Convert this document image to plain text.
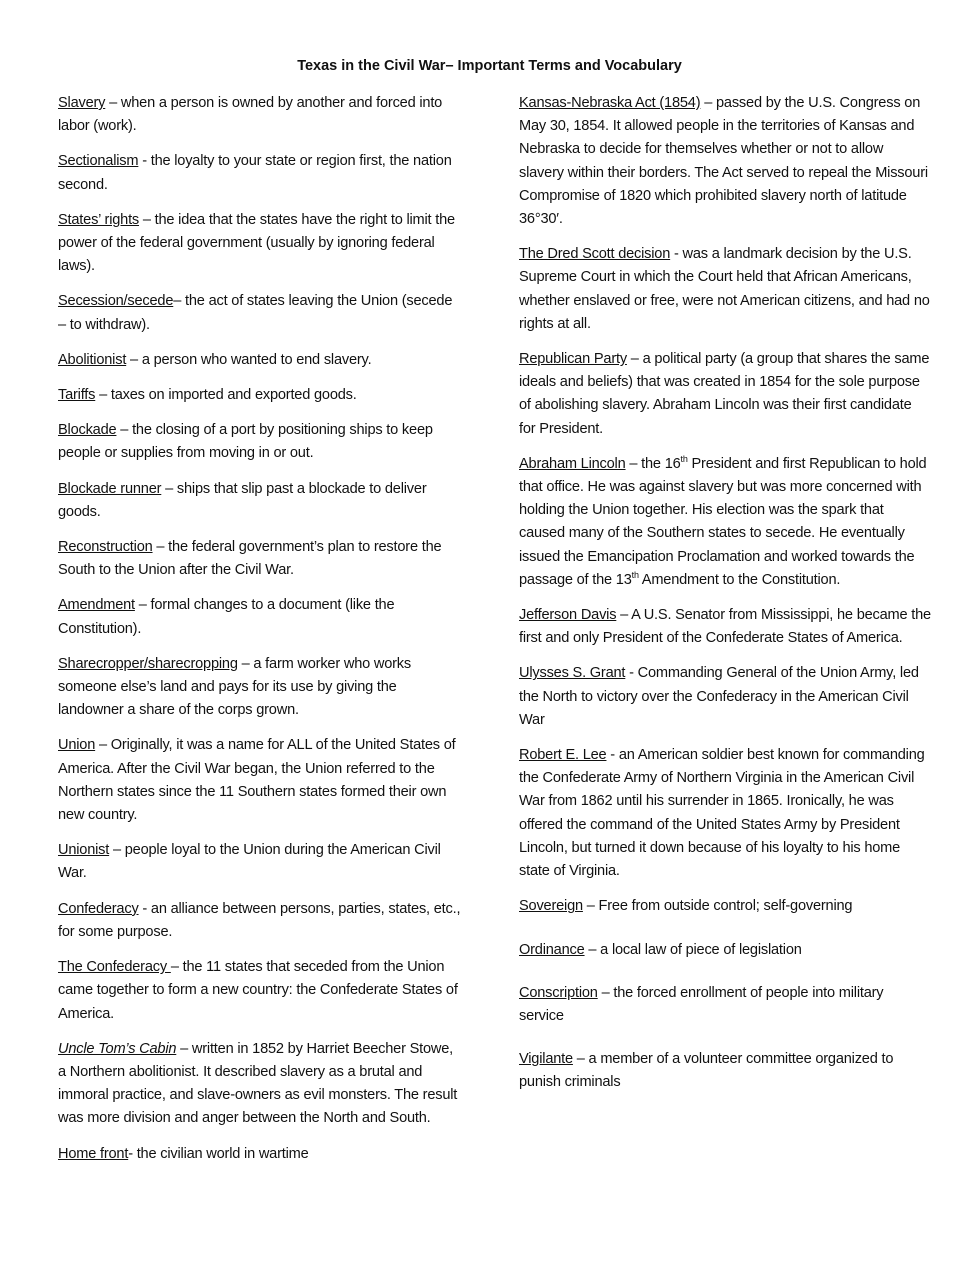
Texas in the Civil War– Important Terms and Vocabulary

Slavery – when a person is owned by another and forced into labor (work).

Sectionalism - the loyalty to your state or region first, the nation second.

States’ rights – the idea that the states have the right to limit the power of the federal government (usually by ignoring federal laws).

Secession/secede– the act of states leaving the Union (secede – to withdraw).

Abolitionist – a person who wanted to end slavery.

Tariffs – taxes on imported and exported goods.

Blockade – the closing of a port by positioning ships to keep people or supplies from moving in or out.

Blockade runner – ships that slip past a blockade to deliver goods.

Reconstruction – the federal government’s plan to restore the South to the Union after the Civil War.

Amendment – formal changes to a document (like the Constitution).

Sharecropper/sharecropping – a farm worker who works someone else’s land and pays for its use by giving the landowner a share of the corps grown.

Union – Originally, it was a name for ALL of the United States of America. After the Civil War began, the Union referred to the Northern states since the 11 Southern states formed their own new country.

Unionist – people loyal to the Union during the American Civil War.

Confederacy - an alliance between persons, parties, states, etc., for some purpose.

The Confederacy – the 11 states that seceded from the Union came together to form a new country: the Confederate States of America.

Uncle Tom’s Cabin – written in 1852 by Harriet Beecher Stowe, a Northern abolitionist. It described slavery as a brutal and immoral practice, and slave-owners as evil monsters. The result was more division and anger between the North and South.

Home front- the civilian world in wartime

Kansas-Nebraska Act (1854) – passed by the U.S. Congress on May 30, 1854. It allowed people in the territories of Kansas and Nebraska to decide for themselves whether or not to allow slavery within their borders. The Act served to repeal the Missouri Compromise of 1820 which prohibited slavery north of latitude 36°30′.

The Dred Scott decision - was a landmark decision by the U.S. Supreme Court in which the Court held that African Americans, whether enslaved or free, were not American citizens, and had no rights at all.

Republican Party – a political party (a group that shares the same ideals and beliefs) that was created in 1854 for the sole purpose of abolishing slavery. Abraham Lincoln was their first candidate for President.

Abraham Lincoln – the 16th President and first Republican to hold that office. He was against slavery but was more concerned with holding the Union together. His election was the spark that caused many of the Southern states to secede. He eventually issued the Emancipation Proclamation and worked towards the passage of the 13th Amendment to the Constitution.

Jefferson Davis – A U.S. Senator from Mississippi, he became the first and only President of the Confederate States of America.

Ulysses S. Grant - Commanding General of the Union Army, led the North to victory over the Confederacy in the American Civil War

Robert E. Lee - an American soldier best known for commanding the Confederate Army of Northern Virginia in the American Civil War from 1862 until his surrender in 1865. Ironically, he was offered the command of the United States Army by President Lincoln, but turned it down because of his loyalty to his home state of Virginia.

Sovereign – Free from outside control; self-governing

Ordinance – a local law of piece of legislation

Conscription – the forced enrollment of people into military service

Vigilante – a member of a volunteer committee organized to punish criminals
